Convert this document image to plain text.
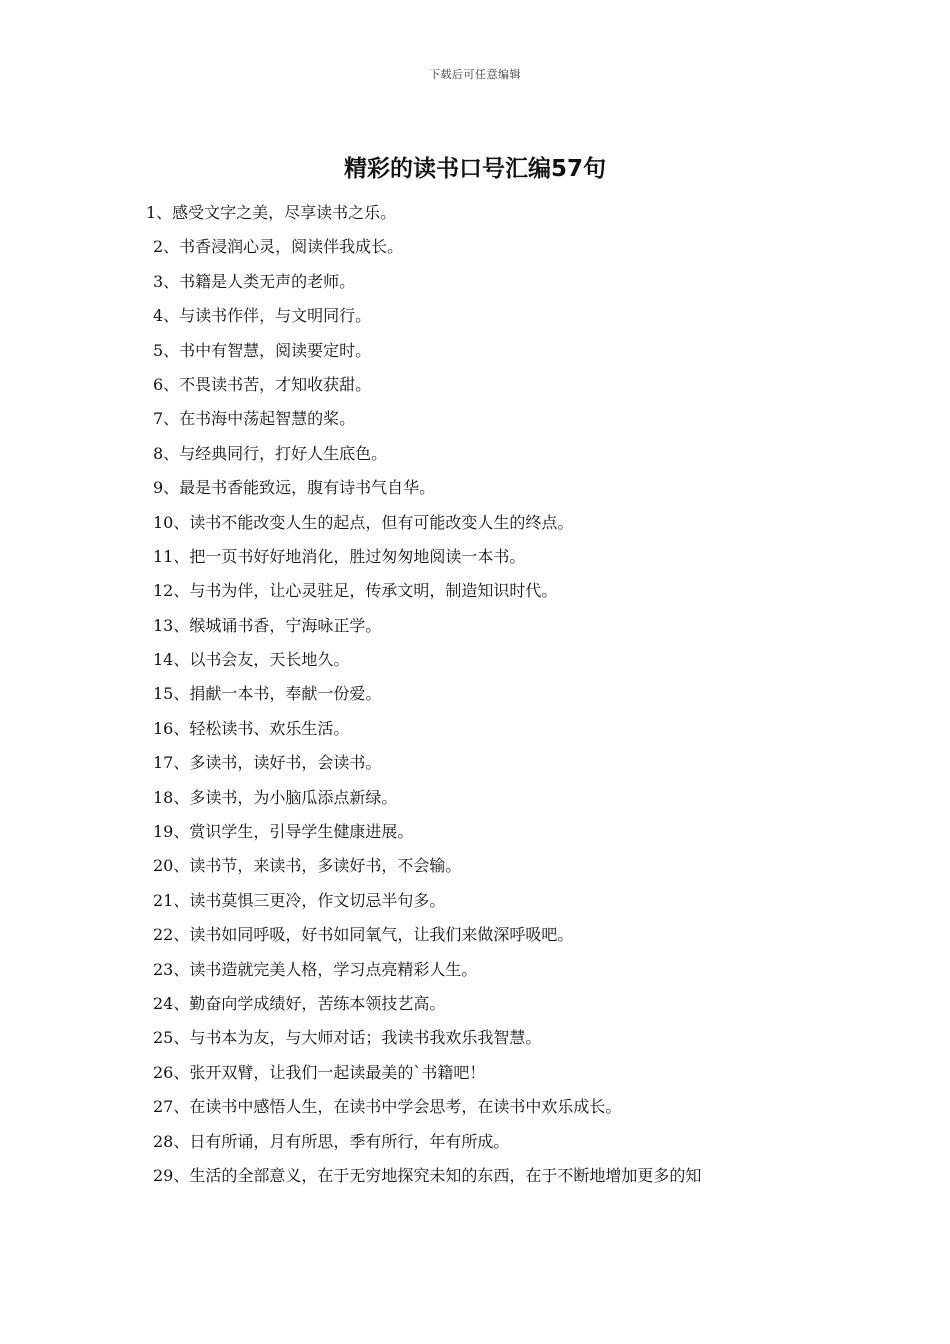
下载后可任意编辑
精彩的读书口号汇编57句
1、感受文字之美，尽享读书之乐。
2、书香浸润心灵，阅读伴我成长。
3、书籍是人类无声的老师。
4、与读书作伴，与文明同行。
5、书中有智慧，阅读要定时。
6、不畏读书苦，才知收获甜。
7、在书海中荡起智慧的桨。
8、与经典同行，打好人生底色。
9、最是书香能致远，腹有诗书气自华。
10、读书不能改变人生的起点，但有可能改变人生的终点。
11、把一页书好好地消化，胜过匆匆地阅读一本书。
12、与书为伴，让心灵驻足，传承文明，制造知识时代。
13、缑城诵书香，宁海咏正学。
14、以书会友，天长地久。
15、捐献一本书，奉献一份爱。
16、轻松读书、欢乐生活。
17、多读书，读好书，会读书。
18、多读书，为小脑瓜添点新绿。
19、赏识学生，引导学生健康进展。
20、读书节，来读书，多读好书，不会输。
21、读书莫惧三更冷，作文切忌半句多。
22、读书如同呼吸，好书如同氧气，让我们来做深呼吸吧。
23、读书造就完美人格，学习点亮精彩人生。
24、勤奋向学成绩好，苦练本领技艺高。
25、与书本为友，与大师对话；我读书我欢乐我智慧。
26、张开双臂，让我们一起读最美的`书籍吧！
27、在读书中感悟人生，在读书中学会思考，在读书中欢乐成长。
28、日有所诵，月有所思，季有所行，年有所成。
29、生活的全部意义，在于无穷地探究未知的东西，在于不断地增加更多的知
